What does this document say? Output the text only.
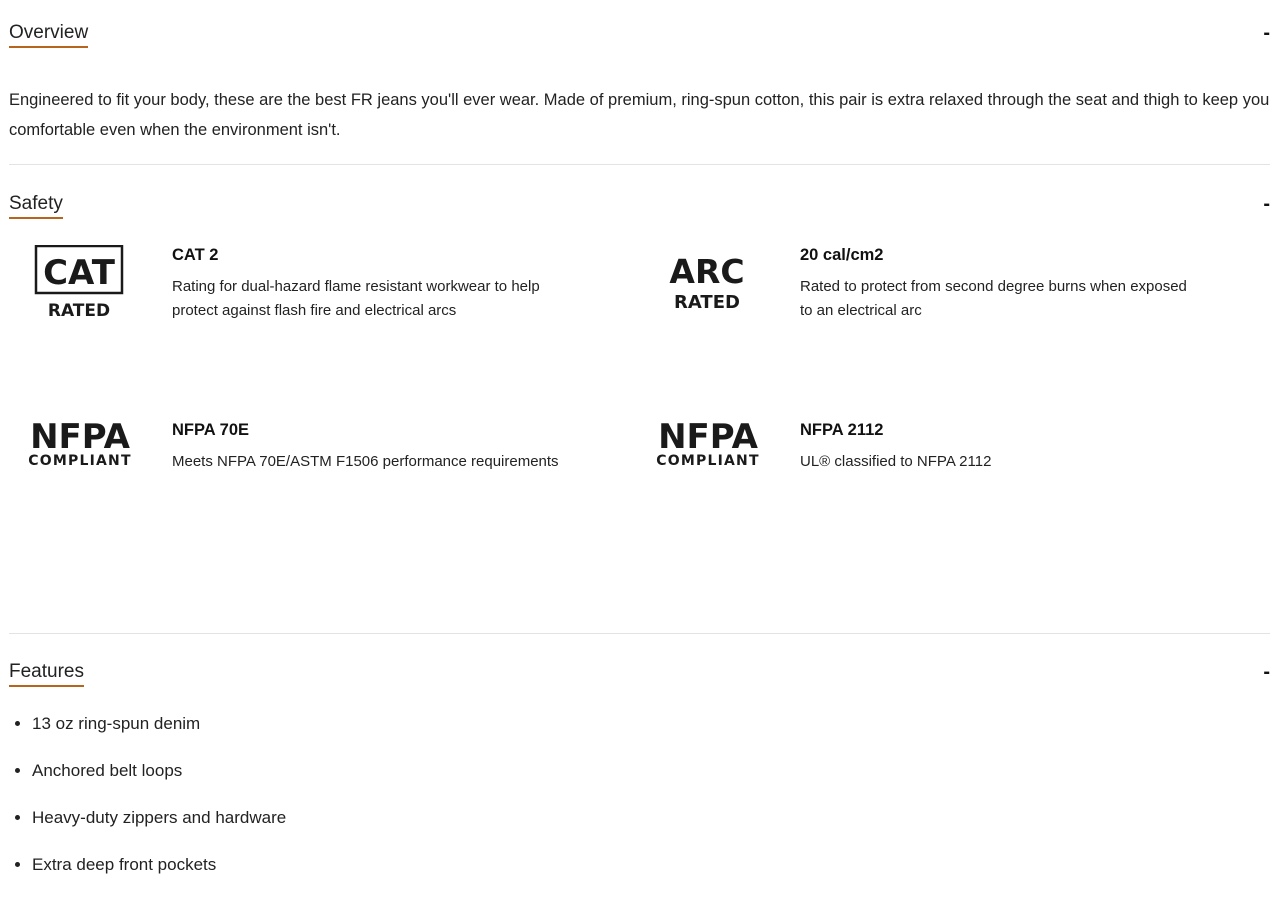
Overview	-

Engineered to fit your body, these are the best FR jeans you'll ever wear. Made of premium, ring-spun cotton, this pair is extra relaxed through the seat and thigh to keep you comfortable even when the environment isn't.

Safety	-
CAT
RATED
CAT 2
Rating for dual-hazard flame resistant workwear to help protect against flash fire and electrical arcs
ARC
RATED
20 cal/cm2
Rated to protect from second degree burns when exposed to an electrical arc
NFPA
COMPLIANT
NFPA 70E
Meets NFPA 70E/ASTM F1506 performance requirements
NFPA
COMPLIANT
NFPA 2112
UL® classified to NFPA 2112
Features	-
• 13 oz ring-spun denim
• Anchored belt loops
• Heavy-duty zippers and hardware
• Extra deep front pockets
